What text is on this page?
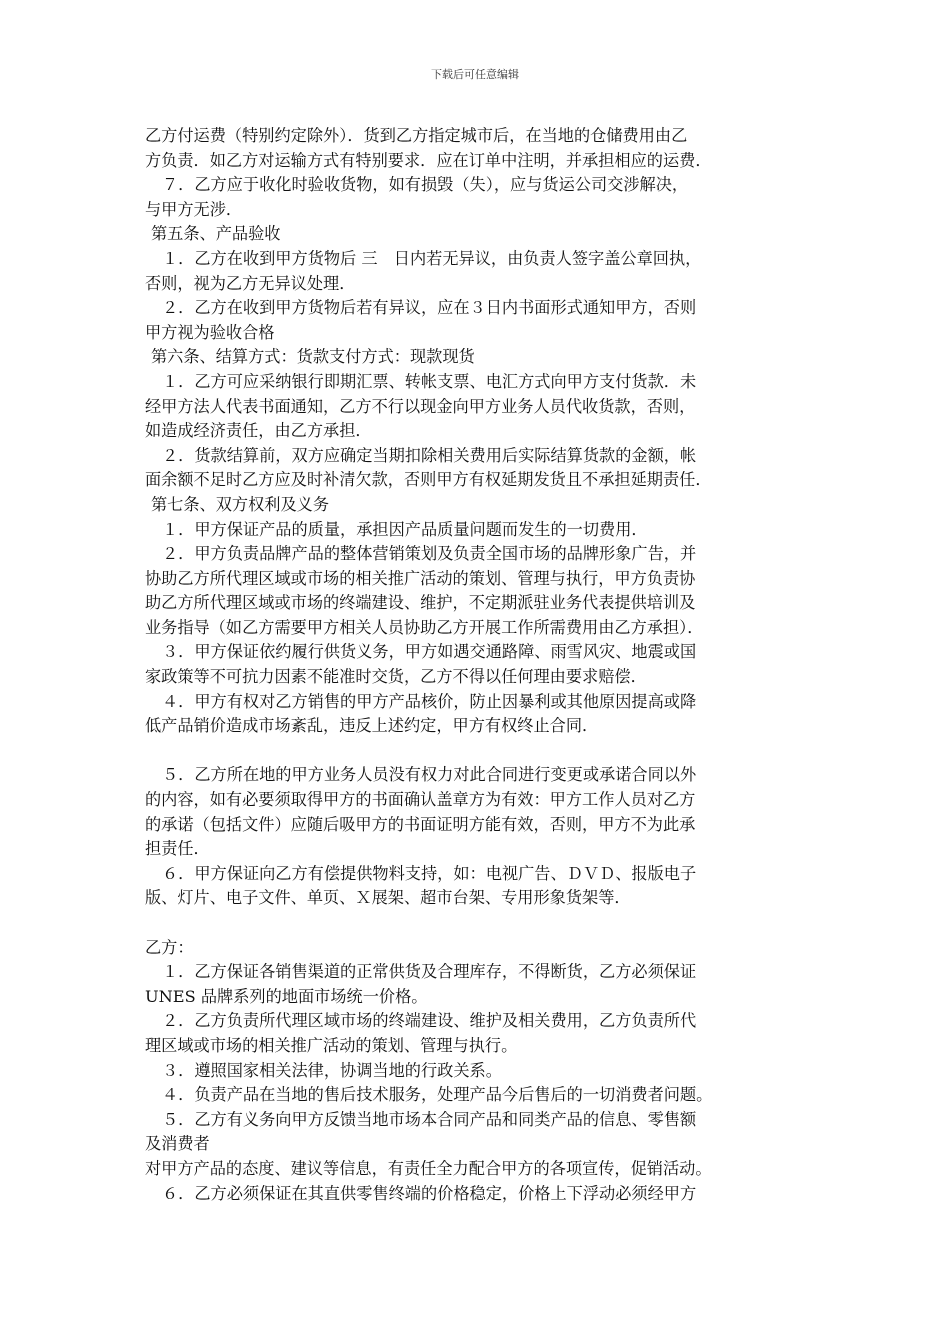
下载后可任意编辑
乙方付运费（特别约定除外）．货到乙方指定城市后，在当地的仓储费用由乙
方负责．如乙方对运输方式有特别要求．应在订单中注明，并承担相应的运费．
７．乙方应于收化时验收货物，如有损毁（失），应与货运公司交涉解决，
与甲方无涉．
第五条、产品验收
１．乙方在收到甲方货物后 三　日内若无异议，由负责人签字盖公章回执，
否则，视为乙方无异议处理．
２．乙方在收到甲方货物后若有异议，应在３日内书面形式通知甲方，否则
甲方视为验收合格
第六条、结算方式：货款支付方式：现款现货
１．乙方可应采纳银行即期汇票、转帐支票、电汇方式向甲方支付货款．未
经甲方法人代表书面通知，乙方不行以现金向甲方业务人员代收货款，否则，
如造成经济责任，由乙方承担．
２．货款结算前，双方应确定当期扣除相关费用后实际结算货款的金额，帐
面余额不足时乙方应及时补清欠款，否则甲方有权延期发货且不承担延期责任．
第七条、双方权利及义务
１．甲方保证产品的质量，承担因产品质量问题而发生的一切费用．
２．甲方负责品牌产品的整体营销策划及负责全国市场的品牌形象广告，并
协助乙方所代理区域或市场的相关推广活动的策划、管理与执行，甲方负责协
助乙方所代理区域或市场的终端建设、维护，不定期派驻业务代表提供培训及
业务指导（如乙方需要甲方相关人员协助乙方开展工作所需费用由乙方承担）．
３．甲方保证依约履行供货义务，甲方如遇交通路障、雨雪风灾、地震或国
家政策等不可抗力因素不能准时交货，乙方不得以任何理由要求赔偿．
４．甲方有权对乙方销售的甲方产品核价，防止因暴利或其他原因提高或降
低产品销价造成市场紊乱，违反上述约定，甲方有权终止合同．
５．乙方所在地的甲方业务人员没有权力对此合同进行变更或承诺合同以外
的内容，如有必要须取得甲方的书面确认盖章方为有效：甲方工作人员对乙方
的承诺（包括文件）应随后吸甲方的书面证明方能有效，否则，甲方不为此承
担责任．
６．甲方保证向乙方有偿提供物料支持，如：电视广告、ＤＶＤ、报版电子
版、灯片、电子文件、单页、Ｘ展架、超市台架、专用形象货架等．
乙方：
１．乙方保证各销售渠道的正常供货及合理库存，不得断货，乙方必须保证
UNES 品牌系列的地面市场统一价格。
２．乙方负责所代理区域市场的终端建设、维护及相关费用，乙方负责所代
理区域或市场的相关推广活动的策划、管理与执行。
３．遵照国家相关法律，协调当地的行政关系。
４．负责产品在当地的售后技术服务，处理产品今后售后的一切消费者问题。
５．乙方有义务向甲方反馈当地市场本合同产品和同类产品的信息、零售额
及消费者
对甲方产品的态度、建议等信息，有责任全力配合甲方的各项宣传，促销活动。
６．乙方必须保证在其直供零售终端的价格稳定，价格上下浮动必须经甲方
